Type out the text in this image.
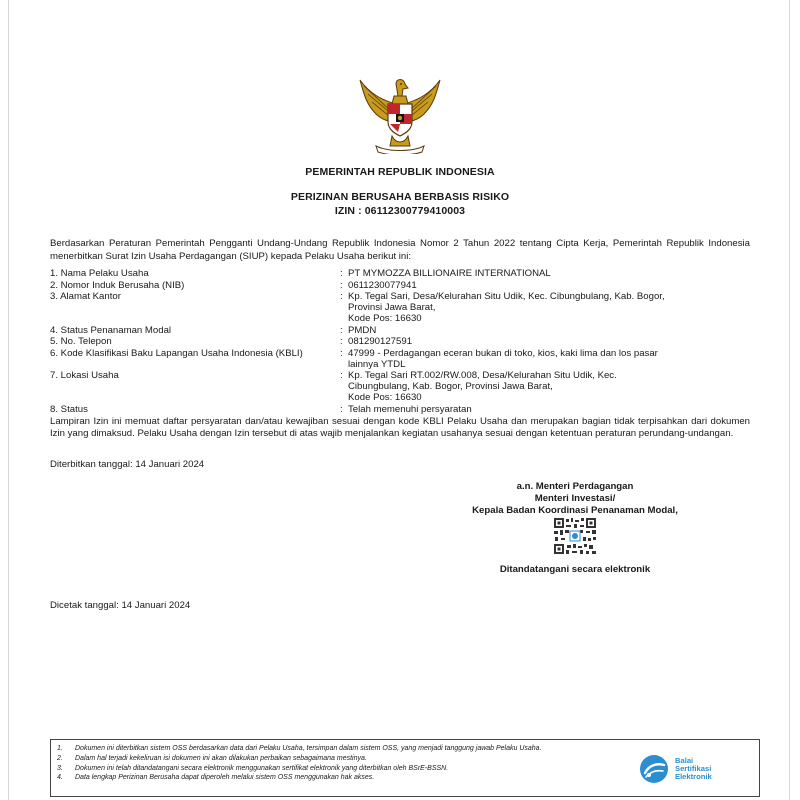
PEMERINTAH REPUBLIK INDONESIA
PERIZINAN BERUSAHA BERBASIS RISIKO
IZIN : 06112300779410003
Berdasarkan Peraturan Pemerintah Pengganti Undang-Undang Republik Indonesia Nomor 2 Tahun 2022 tentang Cipta Kerja, Pemerintah Republik Indonesia menerbitkan Surat Izin Usaha Perdagangan (SIUP) kepada Pelaku Usaha berikut ini:
1. Nama Pelaku Usaha	: PT MYMOZZA BILLIONAIRE INTERNATIONAL
2. Nomor Induk Berusaha (NIB)	: 0611230077941
3. Alamat Kantor	: Kp. Tegal Sari, Desa/Kelurahan Situ Udik, Kec. Cibungbulang, Kab. Bogor,
Provinsi Jawa Barat,
Kode Pos: 16630
4. Status Penanaman Modal	: PMDN
5. No. Telepon	: 081290127591
6. Kode Klasifikasi Baku Lapangan Usaha Indonesia (KBLI)	: 47999 - Perdagangan eceran bukan di toko, kios, kaki lima dan los pasar
lainnya YTDL
7. Lokasi Usaha	: Kp. Tegal Sari RT.002/RW.008, Desa/Kelurahan Situ Udik, Kec.
Cibungbulang, Kab. Bogor, Provinsi Jawa Barat,
Kode Pos: 16630
8. Status	: Telah memenuhi persyaratan
Lampiran Izin ini memuat daftar persyaratan dan/atau kewajiban sesuai dengan kode KBLI Pelaku Usaha dan merupakan bagian tidak terpisahkan dari dokumen Izin yang dimaksud. Pelaku Usaha dengan Izin tersebut di atas wajib menjalankan kegiatan usahanya sesuai dengan ketentuan peraturan perundang-undangan.
Diterbitkan tanggal: 14 Januari 2024
a.n. Menteri Perdagangan
Menteri Investasi/
Kepala Badan Koordinasi Penanaman Modal,
Ditandatangani secara elektronik
Dicetak tanggal: 14 Januari 2024
1.	Dokumen ini diterbitkan sistem OSS berdasarkan data dari Pelaku Usaha, tersimpan dalam sistem OSS, yang menjadi tanggung jawab Pelaku Usaha.
2.	Dalam hal terjadi kekeliruan isi dokumen ini akan dilakukan perbaikan sebagaimana mestinya.
3.	Dokumen ini telah ditandatangani secara elektronik menggunakan sertifikat elektronik yang diterbitkan oleh BSrE-BSSN.
4.	Data lengkap Perizinan Berusaha dapat diperoleh melalui sistem OSS menggunakan hak akses.
Balai
Sertifikasi
Elektronik
